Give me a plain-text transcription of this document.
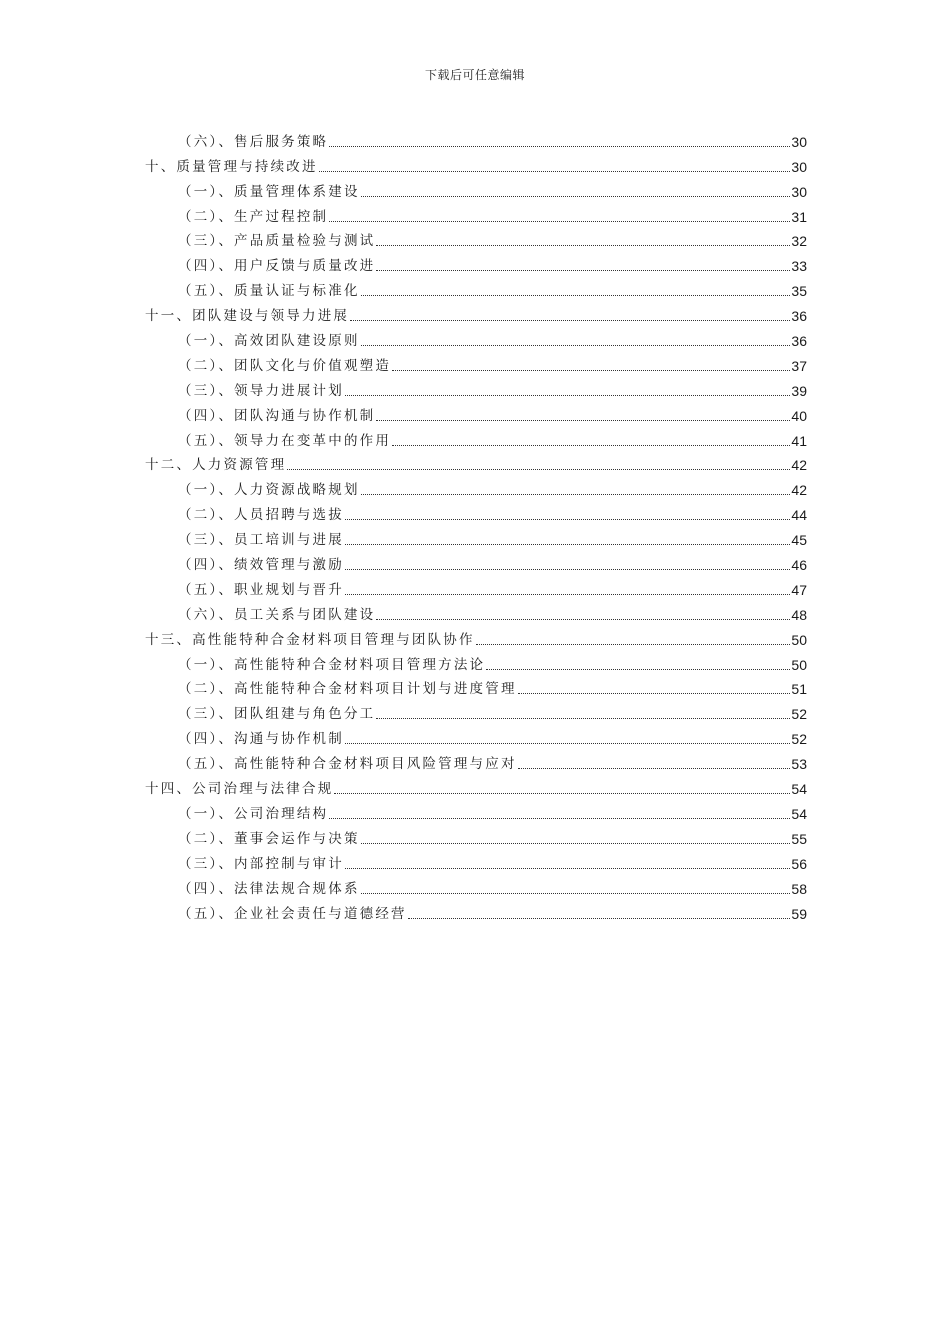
下载后可任意编辑
（六）、售后服务策略	30
十、质量管理与持续改进	30
（一）、质量管理体系建设	30
（二）、生产过程控制	31
（三）、产品质量检验与测试	32
（四）、用户反馈与质量改进	33
（五）、质量认证与标准化	35
十一、团队建设与领导力进展	36
（一）、高效团队建设原则	36
（二）、团队文化与价值观塑造	37
（三）、领导力进展计划	39
（四）、团队沟通与协作机制	40
（五）、领导力在变革中的作用	41
十二、人力资源管理	42
（一）、人力资源战略规划	42
（二）、人员招聘与选拔	44
（三）、员工培训与进展	45
（四）、绩效管理与激励	46
（五）、职业规划与晋升	47
（六）、员工关系与团队建设	48
十三、高性能特种合金材料项目管理与团队协作	50
（一）、高性能特种合金材料项目管理方法论	50
（二）、高性能特种合金材料项目计划与进度管理	51
（三）、团队组建与角色分工	52
（四）、沟通与协作机制	52
（五）、高性能特种合金材料项目风险管理与应对	53
十四、公司治理与法律合规	54
（一）、公司治理结构	54
（二）、董事会运作与决策	55
（三）、内部控制与审计	56
（四）、法律法规合规体系	58
（五）、企业社会责任与道德经营	59
